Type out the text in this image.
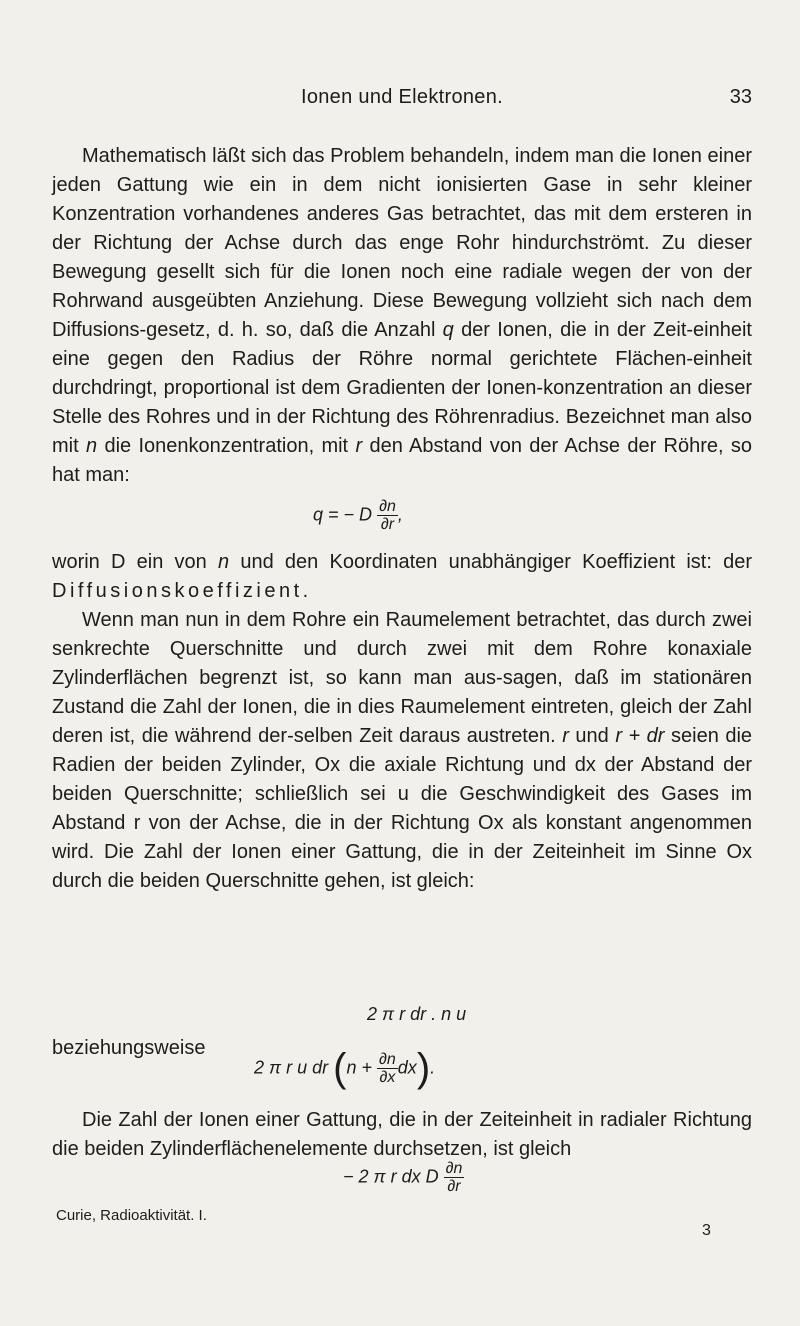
Ionen und Elektronen.	33

Mathematisch läßt sich das Problem behandeln, indem man die Ionen einer jeden Gattung wie ein in dem nicht ionisierten Gase in sehr kleiner Konzentration vorhandenes anderes Gas betrachtet, das mit dem ersteren in der Richtung der Achse durch das enge Rohr hindurchströmt. Zu dieser Bewegung gesellt sich für die Ionen noch eine radiale wegen der von der Rohrwand ausgeübten Anziehung. Diese Bewegung vollzieht sich nach dem Diffusions-gesetz, d. h. so, daß die Anzahl q der Ionen, die in der Zeit-einheit eine gegen den Radius der Röhre normal gerichtete Flächen-einheit durchdringt, proportional ist dem Gradienten der Ionen-konzentration an dieser Stelle des Rohres und in der Richtung des Röhrenradius. Bezeichnet man also mit n die Ionenkonzentration, mit r den Abstand von der Achse der Röhre, so hat man:

q = − D $\frac{\partial n}{\partial r}$ ,

worin D ein von n und den Koordinaten unabhängiger Koeffizient ist: der Diffusionskoeffizient.

Wenn man nun in dem Rohre ein Raumelement betrachtet, das durch zwei senkrechte Querschnitte und durch zwei mit dem Rohre konaxiale Zylinderflächen begrenzt ist, so kann man aus-sagen, daß im stationären Zustand die Zahl der Ionen, die in dies Raumelement eintreten, gleich der Zahl deren ist, die während der-selben Zeit daraus austreten. r und r + dr seien die Radien der beiden Zylinder, Ox die axiale Richtung und dx der Abstand der beiden Querschnitte; schließlich sei u die Geschwindigkeit des Gases im Abstand r von der Achse, die in der Richtung Ox als konstant angenommen wird. Die Zahl der Ionen einer Gattung, die in der Zeiteinheit im Sinne Ox durch die beiden Querschnitte gehen, ist gleich:

2 π r dr . n u
beziehungsweise
2 π r u dr $(n + \frac{\partial n}{\partial x} dx)$.

Die Zahl der Ionen einer Gattung, die in der Zeiteinheit in radialer Richtung die beiden Zylinderflächenelemente durchsetzen, ist gleich

− 2 π r dx D $\frac{\partial n}{\partial r}$
Curie, Radioaktivität. I.
3
